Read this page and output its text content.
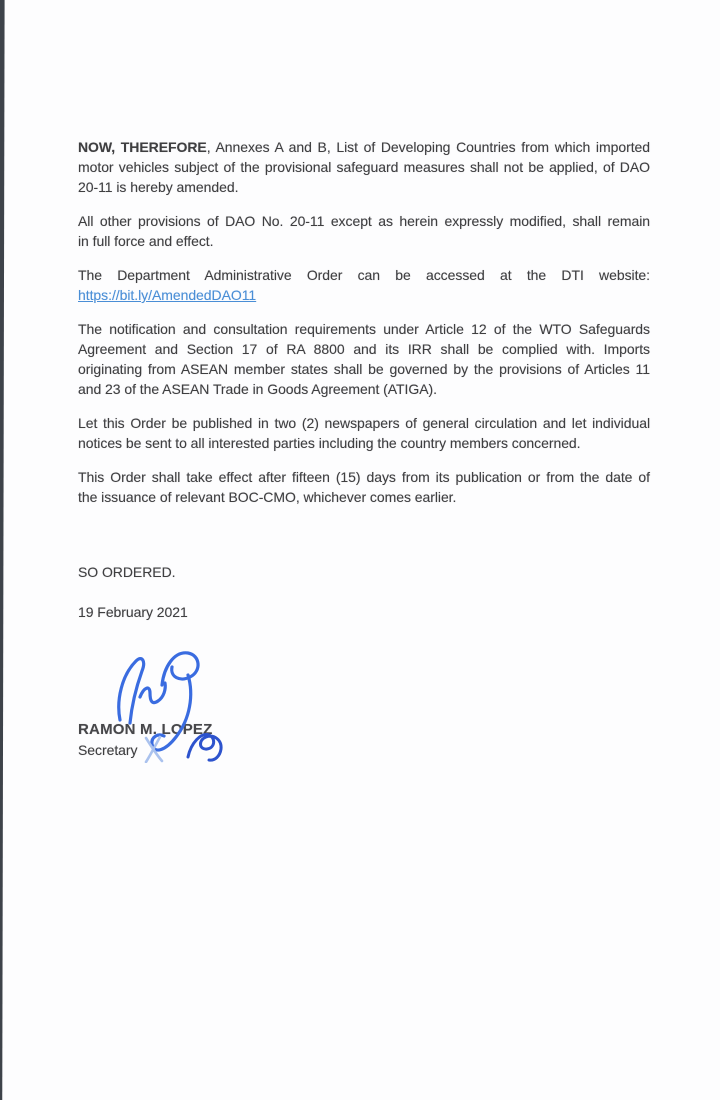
NOW, THEREFORE, Annexes A and B, List of Developing Countries from which imported
motor vehicles subject of the provisional safeguard measures shall not be applied, of DAO
20-11 is hereby amended.
All other provisions of DAO No. 20-11 except as herein expressly modified, shall remain
in full force and effect.
The Department Administrative Order can be accessed at the DTI website:
https://bit.ly/AmendedDAO11
The notification and consultation requirements under Article 12 of the WTO Safeguards
Agreement and Section 17 of RA 8800 and its IRR shall be complied with. Imports
originating from ASEAN member states shall be governed by the provisions of Articles 11
and 23 of the ASEAN Trade in Goods Agreement (ATIGA).
Let this Order be published in two (2) newspapers of general circulation and let individual
notices be sent to all interested parties including the country members concerned.
This Order shall take effect after fifteen (15) days from its publication or from the date of
the issuance of relevant BOC-CMO, whichever comes earlier.
SO ORDERED.
19 February 2021
RAMON M. LOPEZ
Secretary
